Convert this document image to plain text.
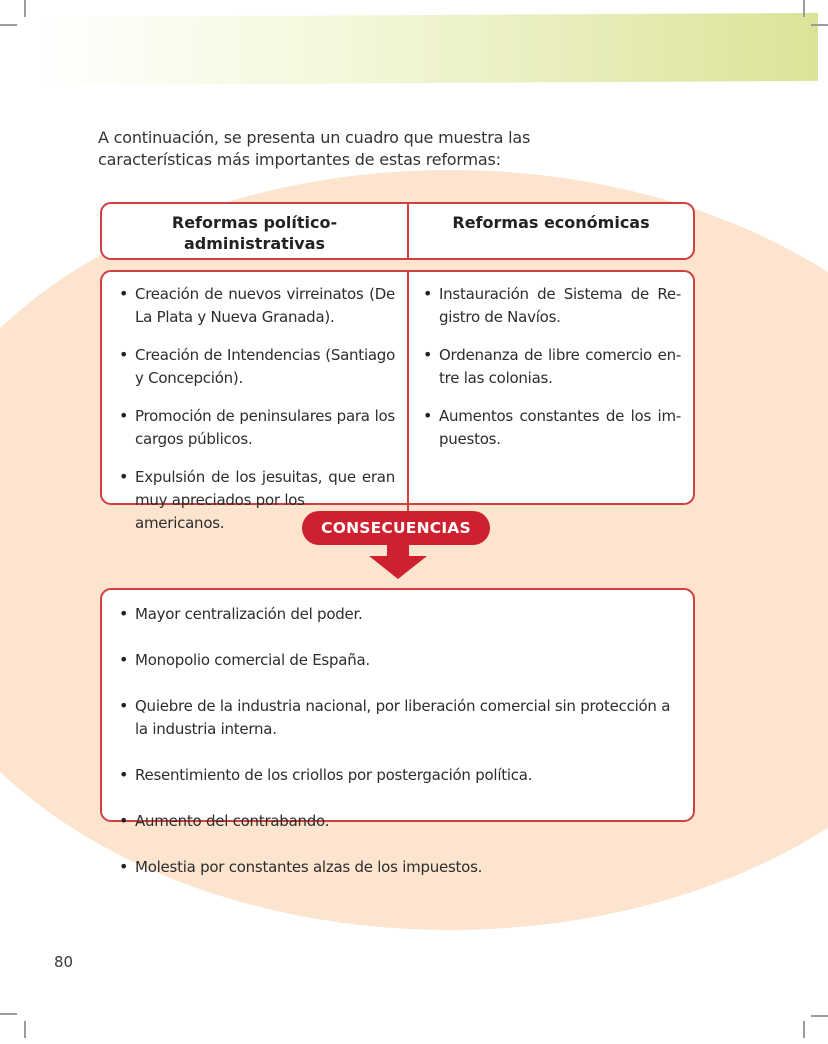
A continuación, se presenta un cuadro que muestra las
características más importantes de estas reformas:
Reformas político-administrativas
Reformas económicas
• Creación de nuevos virreinatos (De
La Plata y Nueva Granada).
• Creación de Intendencias (Santiago
y Concepción).
• Promoción de peninsulares para los
cargos públicos.
• Expulsión de los jesuitas, que eran
muy apreciados por los americanos.
• Instauración de Sistema de Re-
gistro de Navíos.
• Ordenanza de libre comercio en-
tre las colonias.
• Aumentos constantes de los im-
puestos.
CONSECUENCIAS
• Mayor centralización del poder.
• Monopolio comercial de España.
• Quiebre de la industria nacional, por liberación comercial sin protección a
la industria interna.
• Resentimiento de los criollos por postergación política.
• Aumento del contrabando.
• Molestia por constantes alzas de los impuestos.
80
